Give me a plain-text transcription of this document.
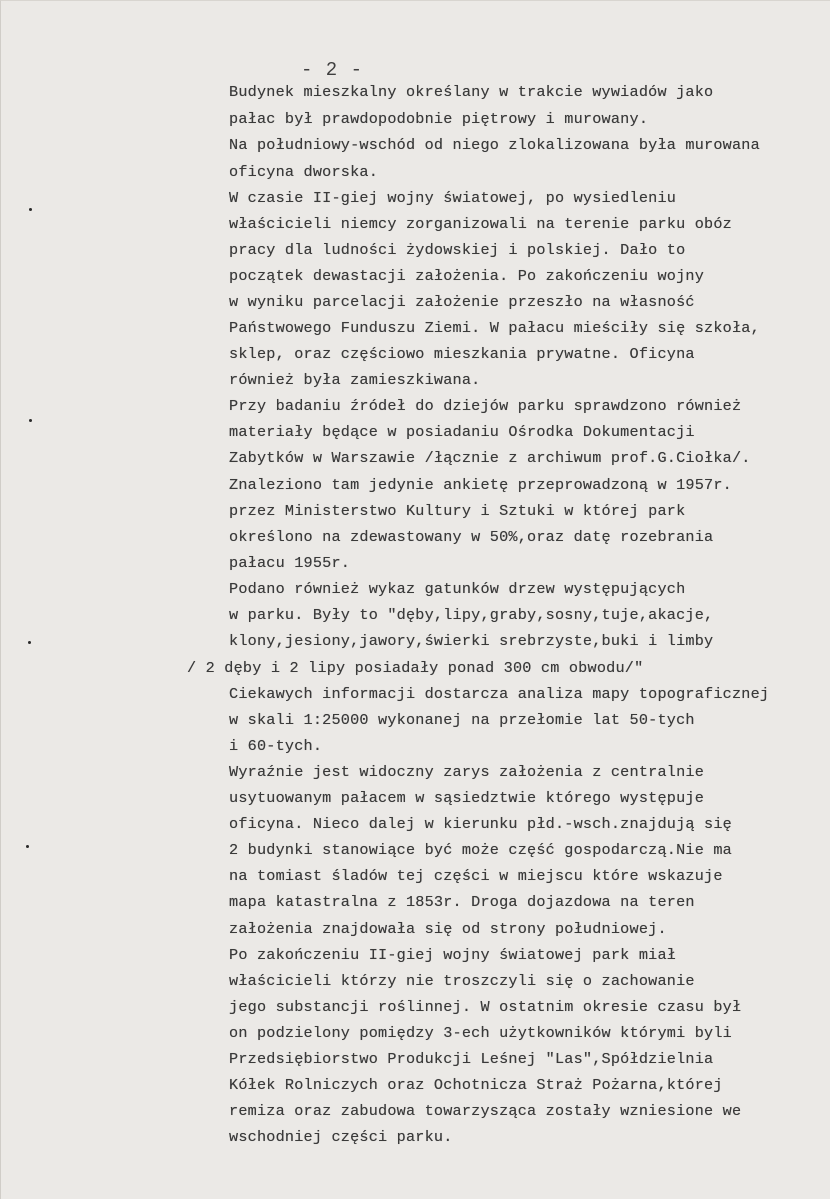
- 2 -
Budynek mieszkalny określany w trakcie wywiadów jako
pałac był prawdopodobnie piętrowy i murowany.
Na południowy-wschód od niego zlokalizowana była murowana
oficyna dworska.
W czasie II-giej wojny światowej, po wysiedleniu
właścicieli niemcy zorganizowali na terenie parku obóz
pracy dla ludności żydowskiej i polskiej. Dało to
początek dewastacji założenia. Po zakończeniu wojny
w wyniku parcelacji założenie przeszło na własność
Państwowego Funduszu Ziemi. W pałacu mieściły się szkoła,
sklep, oraz częściowo mieszkania prywatne. Oficyna
również była zamieszkiwana.
Przy badaniu źródeł do dziejów parku sprawdzono również
materiały będące w posiadaniu Ośrodka Dokumentacji
Zabytków w Warszawie /łącznie z archiwum prof.G.Ciołka/.
Znaleziono tam jedynie ankietę przeprowadzoną w 1957r.
przez Ministerstwo Kultury i Sztuki w której park
określono na zdewastowany w 50%,oraz datę rozebrania
pałacu 1955r.
Podano również wykaz gatunków drzew występujących
w parku. Były to "dęby,lipy,graby,sosny,tuje,akacje,
klony,jesiony,jawory,świerki srebrzyste,buki i limby
/ 2 dęby i 2 lipy posiadały ponad 300 cm obwodu/"
Ciekawych informacji dostarcza analiza mapy topograficznej
w skali 1:25000 wykonanej na przełomie lat 50-tych
i 60-tych.
Wyraźnie jest widoczny zarys założenia z centralnie
usytuowanym pałacem w sąsiedztwie którego występuje
oficyna. Nieco dalej w kierunku płd.-wsch.znajdują się
2 budynki stanowiące być może część gospodarczą.Nie ma
na tomiast śladów tej części w miejscu które wskazuje
mapa katastralna z 1853r. Droga dojazdowa na teren
założenia znajdowała się od strony południowej.
Po zakończeniu II-giej wojny światowej park miał
właścicieli którzy nie troszczyli się o zachowanie
jego substancji roślinnej. W ostatnim okresie czasu był
on podzielony pomiędzy 3-ech użytkowników którymi byli
Przedsiębiorstwo Produkcji Leśnej "Las",Spółdzielnia
Kółek Rolniczych oraz Ochotnicza Straż Pożarna,której
remiza oraz zabudowa towarzysząca zostały wzniesione we
wschodniej części parku.
